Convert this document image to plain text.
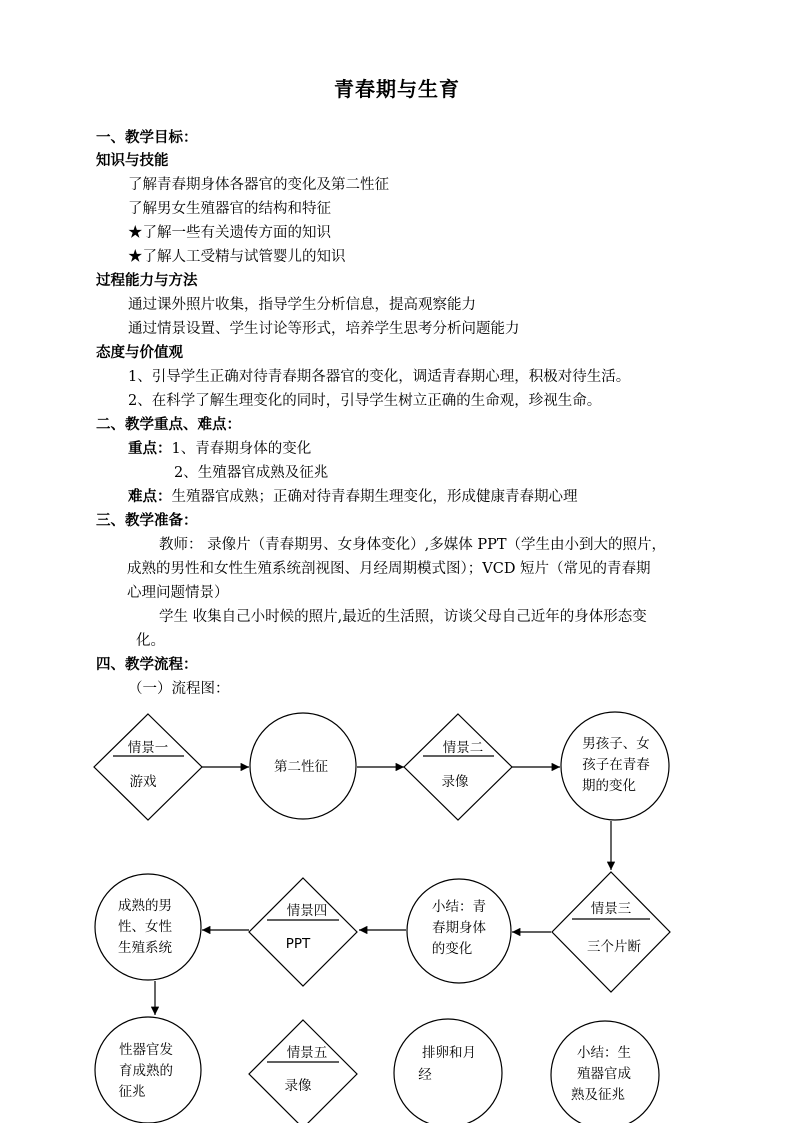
青春期与生育
一、教学目标：
知识与技能
了解青春期身体各器官的变化及第二性征
了解男女生殖器官的结构和特征
★了解一些有关遗传方面的知识
★了解人工受精与试管婴儿的知识
过程能力与方法
通过课外照片收集，指导学生分析信息，提高观察能力
通过情景设置、学生讨论等形式，培养学生思考分析问题能力
态度与价值观
1、引导学生正确对待青春期各器官的变化，调适青春期心理，积极对待生活。
2、在科学了解生理变化的同时，引导学生树立正确的生命观，珍视生命。
二、教学重点、难点：
重点：1、青春期身体的变化
2、生殖器官成熟及征兆
难点：生殖器官成熟；正确对待青春期生理变化，形成健康青春期心理
三、教学准备：
教师： 录像片（青春期男、女身体变化）,多媒体 PPT（学生由小到大的照片，
成熟的男性和女性生殖系统剖视图、月经周期模式图）；VCD 短片（常见的青春期
心理问题情景）
学生 收集自己小时候的照片,最近的生活照，访谈父母自己近年的身体形态变
化。
四、教学流程：
（一）流程图：
情景一
游戏
第二性征
情景二
录像
男孩子、女
孩子在青春
期的变化
情景三
三个片断
小结：青
春期身体
的变化
情景四
PPT
成熟的男
性、女性
生殖系统
性器官发
育成熟的
征兆
情景五
录像
排卵和月
经
小结：生
殖器官成
熟及征兆
